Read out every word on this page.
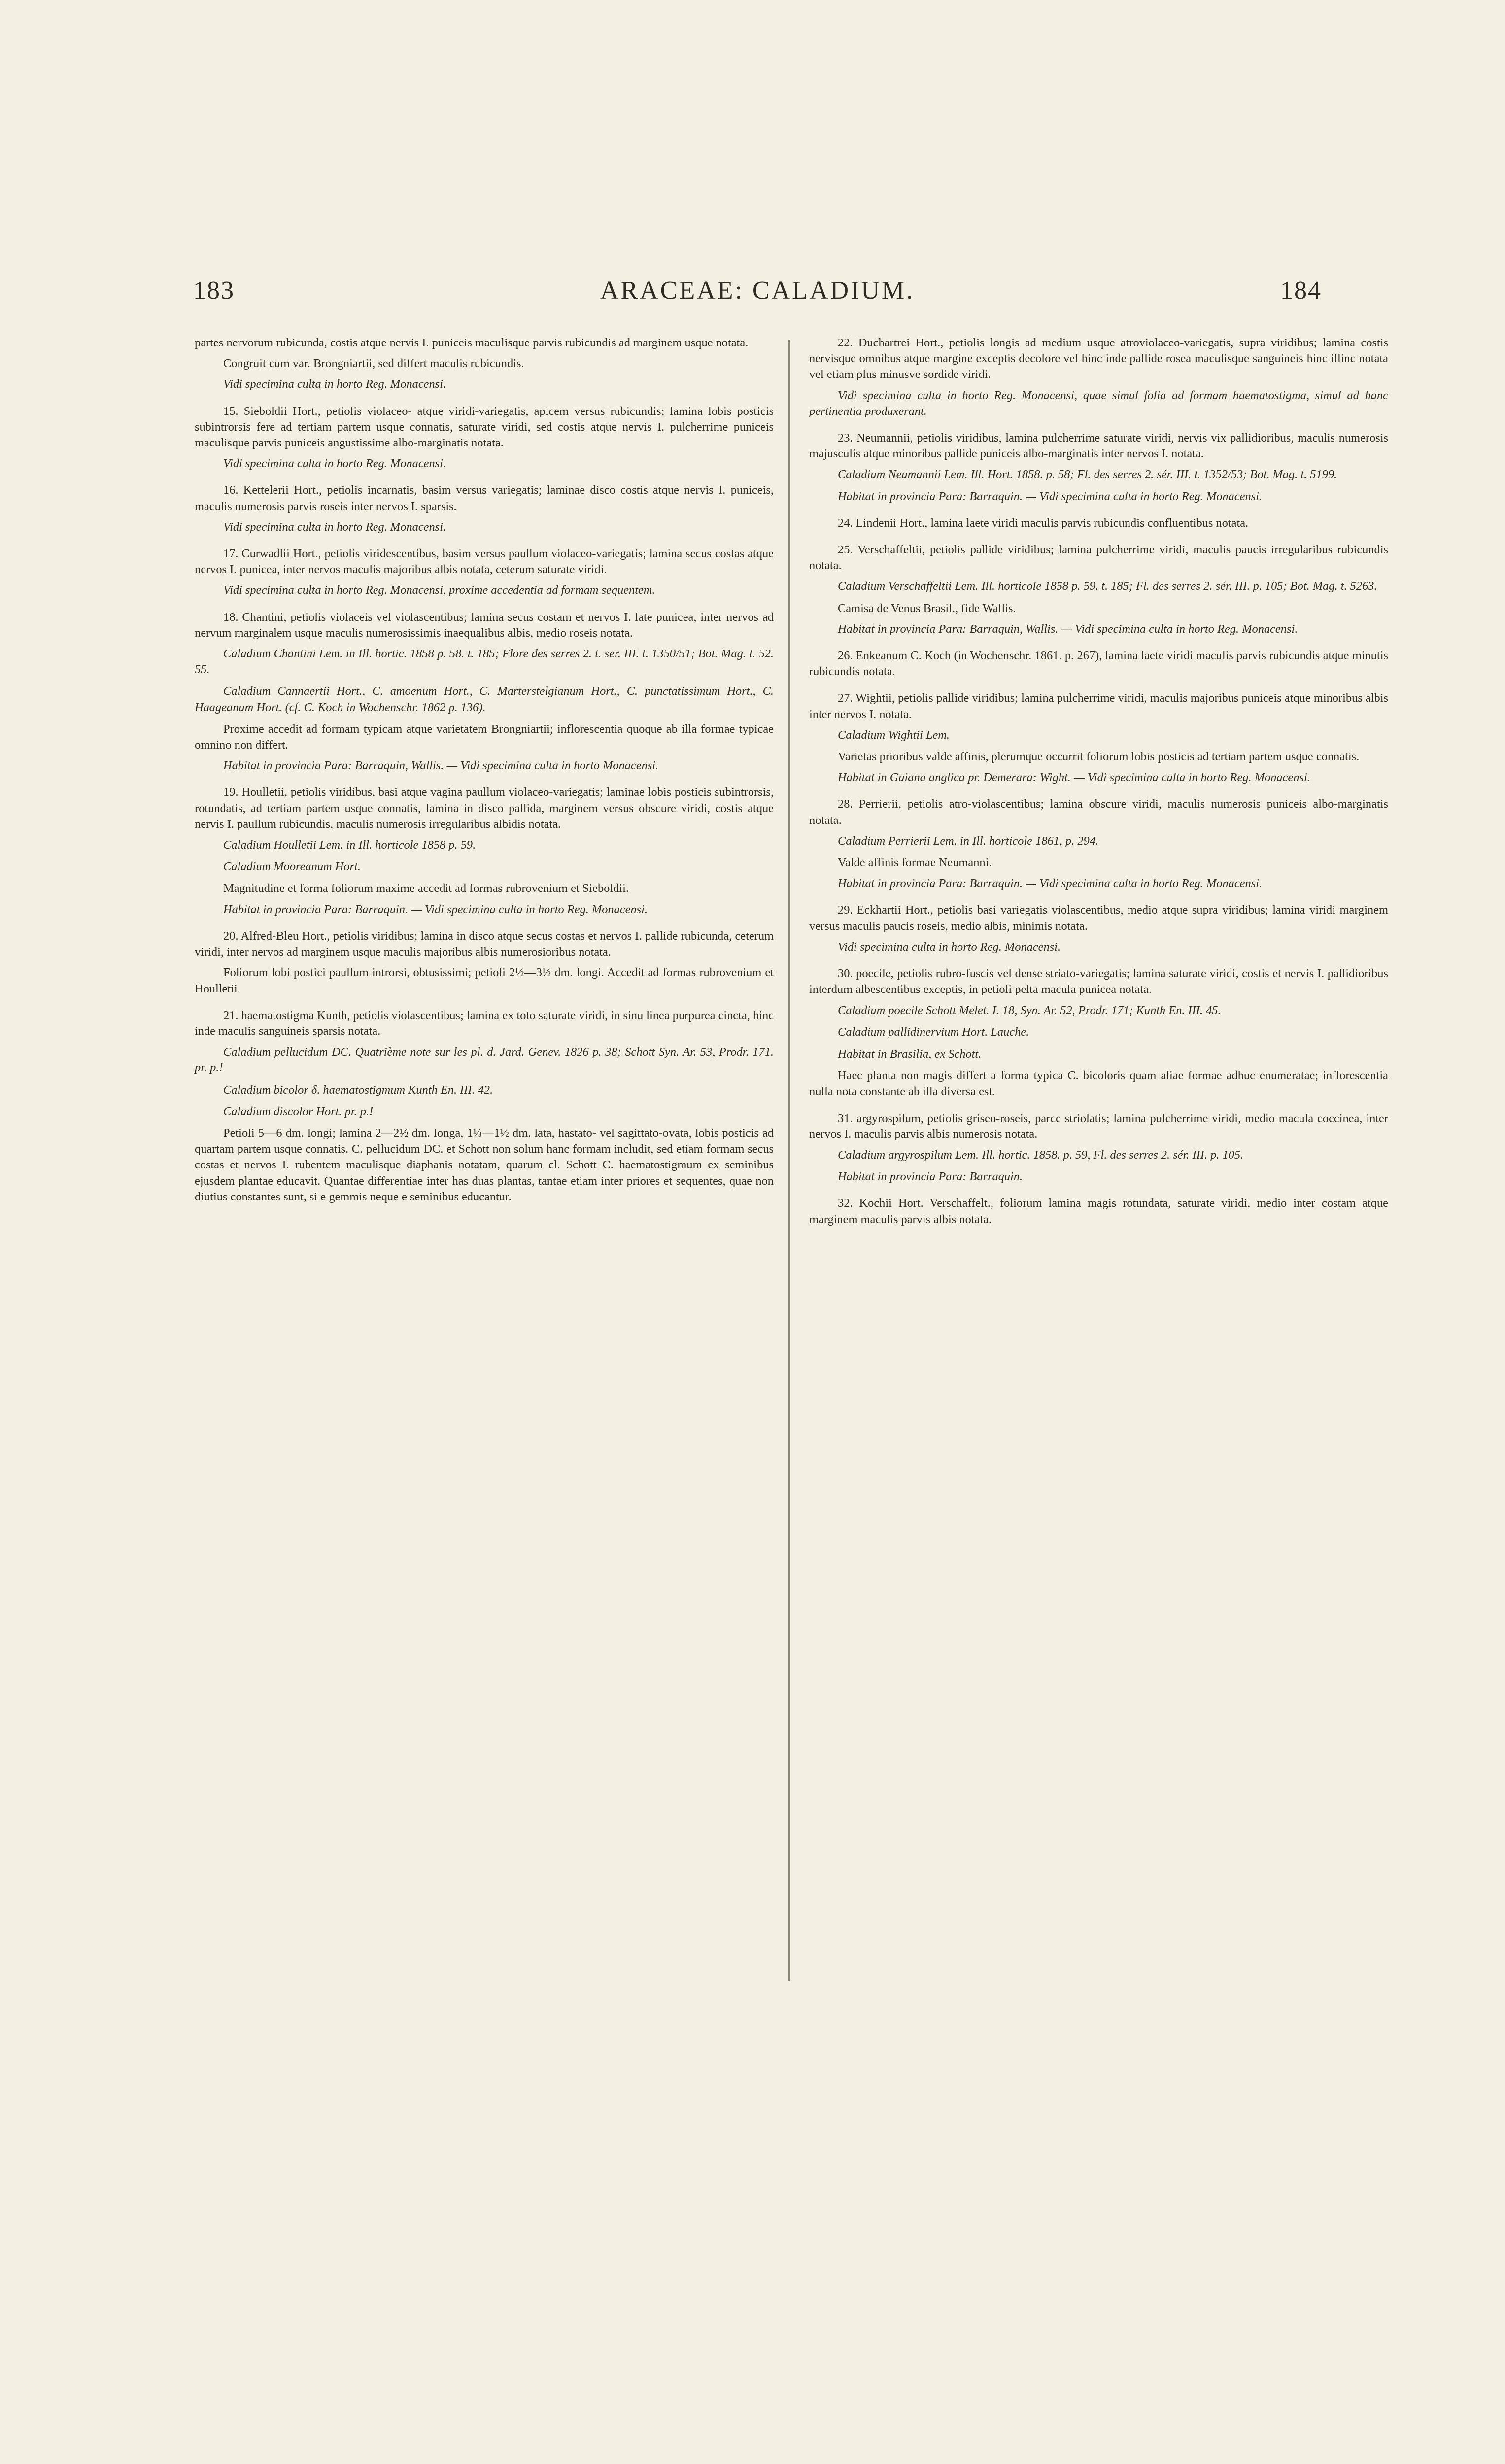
183	ARACEAE: CALADIUM.	184

partes nervorum rubicunda, costis atque nervis I. puniceis maculisque parvis rubicundis ad marginem usque notata.

Congruit cum var. Brongniartii, sed differt maculis rubicundis.

Vidi specimina culta in horto Reg. Monacensi.

15. Sieboldii Hort., petiolis violaceo- atque viridi-variegatis, apicem versus rubicundis; lamina lobis posticis subintrorsis fere ad tertiam partem usque connatis, saturate viridi, sed costis atque nervis I. pulcherrime puniceis maculisque parvis puniceis angustissime albo-marginatis notata.

Vidi specimina culta in horto Reg. Monacensi.

16. Kettelerii Hort., petiolis incarnatis, basim versus variegatis; laminae disco costis atque nervis I. puniceis, maculis numerosis parvis roseis inter nervos I. sparsis.

Vidi specimina culta in horto Reg. Monacensi.

17. Curwadlii Hort., petiolis viridescentibus, basim versus paullum violaceo-variegatis; lamina secus costas atque nervos I. punicea, inter nervos maculis majoribus albis notata, ceterum saturate viridi.

Vidi specimina culta in horto Reg. Monacensi, proxime accedentia ad formam sequentem.

18. Chantini, petiolis violaceis vel violascentibus; lamina secus costam et nervos I. late punicea, inter nervos ad nervum marginalem usque maculis numerosissimis inaequalibus albis, medio roseis notata.

Caladium Chantini Lem. in Ill. hortic. 1858 p. 58. t. 185; Flore des serres 2. t. ser. III. t. 1350/51; Bot. Mag. t. 52. 55.

Caladium Cannaertii Hort., C. amoenum Hort., C. Marterstelgianum Hort., C. punctatissimum Hort., C. Haageanum Hort. (cf. C. Koch in Wochenschr. 1862 p. 136).

Proxime accedit ad formam typicam atque varietatem Brongniartii; inflorescentia quoque ab illa formae typicae omnino non differt.

Habitat in provincia Para: Barraquin, Wallis. — Vidi specimina culta in horto Monacensi.

19. Houlletii, petiolis viridibus, basi atque vagina paullum violaceo-variegatis; laminae lobis posticis subintrorsis, rotundatis, ad tertiam partem usque connatis, lamina in disco pallida, marginem versus obscure viridi, costis atque nervis I. paullum rubicundis, maculis numerosis irregularibus albidis notata.

Caladium Houlletii Lem. in Ill. horticole 1858 p. 59.

Caladium Mooreanum Hort.

Magnitudine et forma foliorum maxime accedit ad formas rubrovenium et Sieboldii.

Habitat in provincia Para: Barraquin. — Vidi specimina culta in horto Reg. Monacensi.

20. Alfred-Bleu Hort., petiolis viridibus; lamina in disco atque secus costas et nervos I. pallide rubicunda, ceterum viridi, inter nervos ad marginem usque maculis majoribus albis numerosioribus notata.

Foliorum lobi postici paullum introrsi, obtusissimi; petioli 2½—3½ dm. longi. Accedit ad formas rubrovenium et Houlletii.

21. haematostigma Kunth, petiolis violascentibus; lamina ex toto saturate viridi, in sinu linea purpurea cincta, hinc inde maculis sanguineis sparsis notata.

Caladium pellucidum DC. Quatrième note sur les pl. d. Jard. Genev. 1826 p. 38; Schott Syn. Ar. 53, Prodr. 171. pr. p.!

Caladium bicolor δ. haematostigmum Kunth En. III. 42.

Caladium discolor Hort. pr. p.!

Petioli 5—6 dm. longi; lamina 2—2½ dm. longa, 1⅓—1½ dm. lata, hastato- vel sagittato-ovata, lobis posticis ad quartam partem usque connatis. C. pellucidum DC. et Schott non solum hanc formam includit, sed etiam formam secus costas et nervos I. rubentem maculisque diaphanis notatam, quarum cl. Schott C. haematostigmum ex seminibus ejusdem plantae educavit. Quantae differentiae inter has duas plantas, tantae etiam inter priores et sequentes, quae non diutius constantes sunt, si e gemmis neque e seminibus educantur.

22. Duchartrei Hort., petiolis longis ad medium usque atroviolaceo-variegatis, supra viridibus; lamina costis nervisque omnibus atque margine exceptis decolore vel hinc inde pallide rosea maculisque sanguineis hinc illinc notata vel etiam plus minusve sordide viridi.

Vidi specimina culta in horto Reg. Monacensi, quae simul folia ad formam haematostigma, simul ad hanc pertinentia produxerant.

23. Neumannii, petiolis viridibus, lamina pulcherrime saturate viridi, nervis vix pallidioribus, maculis numerosis majusculis atque minoribus pallide puniceis albo-marginatis inter nervos I. notata.

Caladium Neumannii Lem. Ill. Hort. 1858. p. 58; Fl. des serres 2. sér. III. t. 1352/53; Bot. Mag. t. 5199.

Habitat in provincia Para: Barraquin. — Vidi specimina culta in horto Reg. Monacensi.

24. Lindenii Hort., lamina laete viridi maculis parvis rubicundis confluentibus notata.

25. Verschaffeltii, petiolis pallide viridibus; lamina pulcherrime viridi, maculis paucis irregularibus rubicundis notata.

Caladium Verschaffeltii Lem. Ill. horticole 1858 p. 59. t. 185; Fl. des serres 2. sér. III. p. 105; Bot. Mag. t. 5263.

Camisa de Venus Brasil., fide Wallis.

Habitat in provincia Para: Barraquin, Wallis. — Vidi specimina culta in horto Reg. Monacensi.

26. Enkeanum C. Koch (in Wochenschr. 1861. p. 267), lamina laete viridi maculis parvis rubicundis atque minutis rubicundis notata.

27. Wightii, petiolis pallide viridibus; lamina pulcherrime viridi, maculis majoribus puniceis atque minoribus albis inter nervos I. notata.

Caladium Wightii Lem.

Varietas prioribus valde affinis, plerumque occurrit foliorum lobis posticis ad tertiam partem usque connatis.

Habitat in Guiana anglica pr. Demerara: Wight. — Vidi specimina culta in horto Reg. Monacensi.

28. Perrierii, petiolis atro-violascentibus; lamina obscure viridi, maculis numerosis puniceis albo-marginatis notata.

Caladium Perrierii Lem. in Ill. horticole 1861, p. 294.

Valde affinis formae Neumanni.

Habitat in provincia Para: Barraquin. — Vidi specimina culta in horto Reg. Monacensi.

29. Eckhartii Hort., petiolis basi variegatis violascentibus, medio atque supra viridibus; lamina viridi marginem versus maculis paucis roseis, medio albis, minimis notata.

Vidi specimina culta in horto Reg. Monacensi.

30. poecile, petiolis rubro-fuscis vel dense striato-variegatis; lamina saturate viridi, costis et nervis I. pallidioribus interdum albescentibus exceptis, in petioli pelta macula punicea notata.

Caladium poecile Schott Melet. I. 18, Syn. Ar. 52, Prodr. 171; Kunth En. III. 45.

Caladium pallidinervium Hort. Lauche.

Habitat in Brasilia, ex Schott.

Haec planta non magis differt a forma typica C. bicoloris quam aliae formae adhuc enumeratae; inflorescentia nulla nota constante ab illa diversa est.

31. argyrospilum, petiolis griseo-roseis, parce striolatis; lamina pulcherrime viridi, medio macula coccinea, inter nervos I. maculis parvis albis numerosis notata.

Caladium argyrospilum Lem. Ill. hortic. 1858. p. 59, Fl. des serres 2. sér. III. p. 105.

Habitat in provincia Para: Barraquin.

32. Kochii Hort. Verschaffelt., foliorum lamina magis rotundata, saturate viridi, medio inter costam atque marginem maculis parvis albis notata.
